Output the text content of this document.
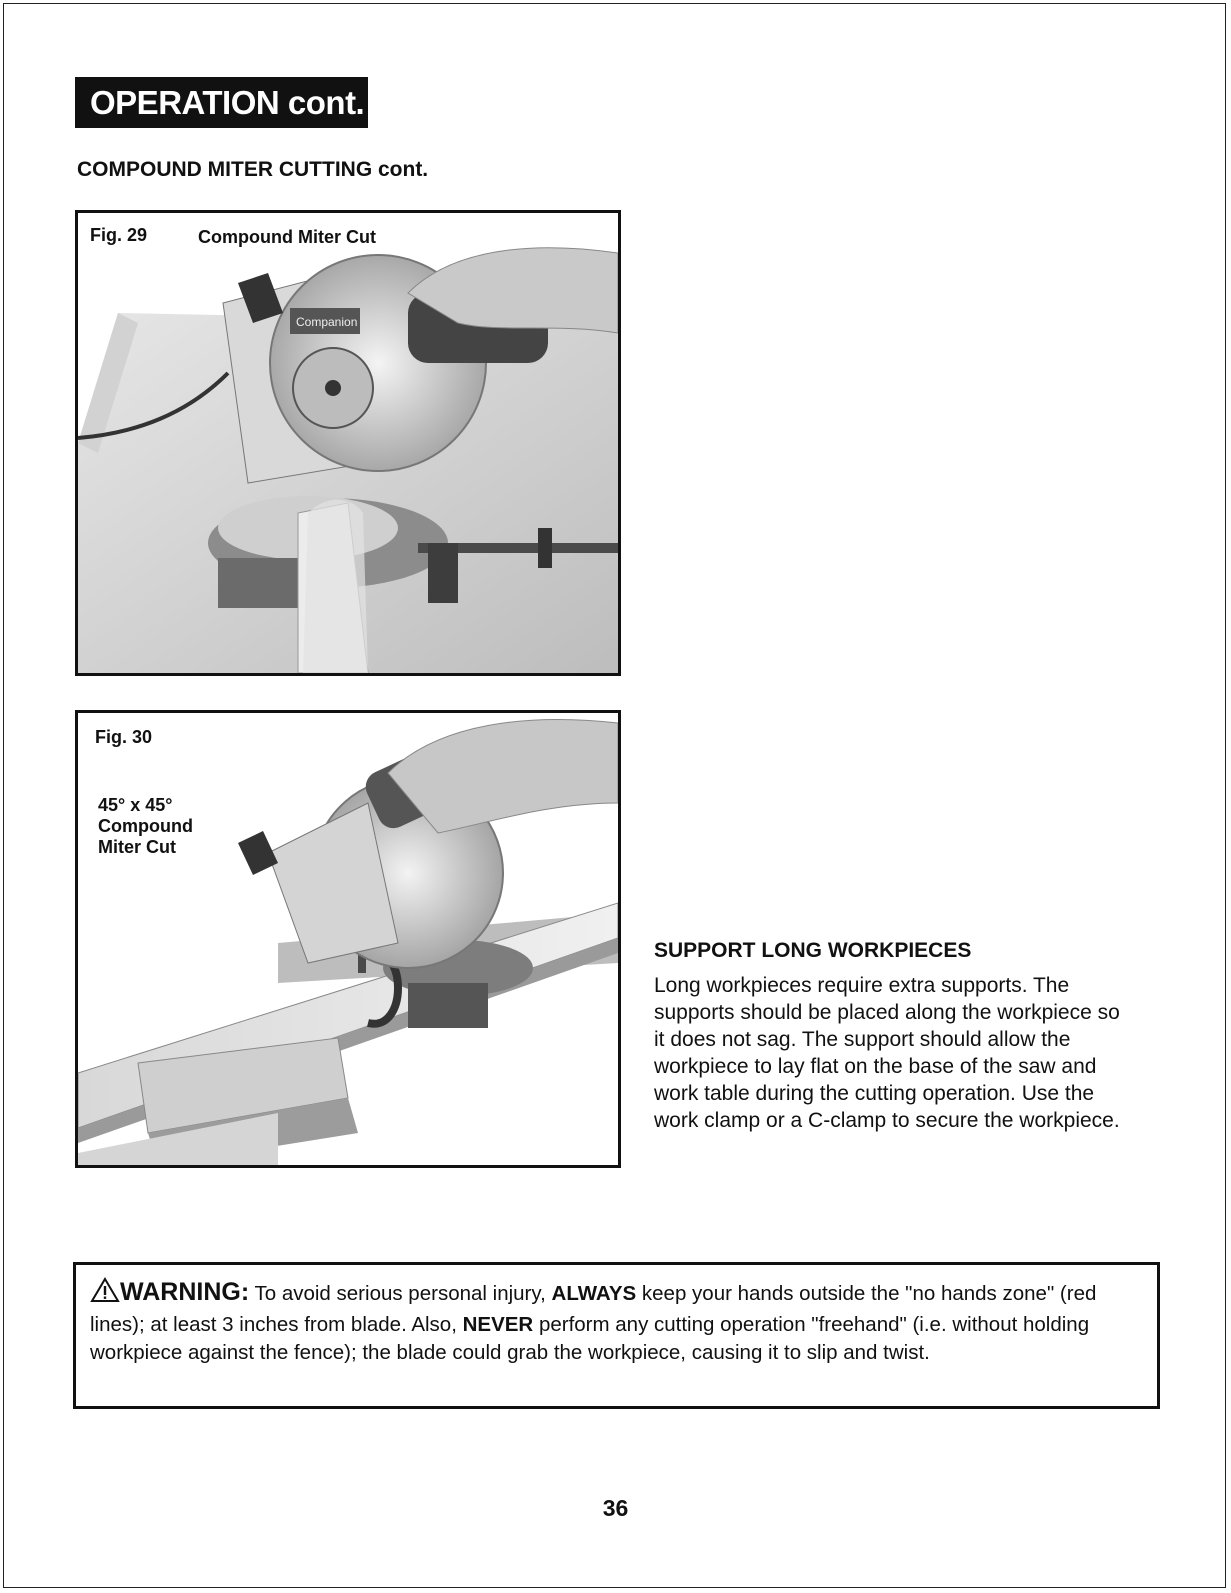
OPERATION cont.
COMPOUND MITER CUTTING cont.
Companion
Fig. 29	Compound Miter Cut
Fig. 30
45° x 45°
Compound
Miter Cut
SUPPORT LONG WORKPIECES

Long workpieces require extra supports. The supports should be placed along the workpiece so it does not sag. The support should allow the workpiece to lay flat on the base of the saw and work table during the cutting operation. Use the work clamp or a C-clamp to secure the workpiece.

WARNING: To avoid serious personal injury, ALWAYS keep your hands outside the "no hands zone" (red lines); at least 3 inches from blade. Also, NEVER perform any cutting operation "freehand" (i.e. without holding workpiece against the fence); the blade could grab the workpiece, causing it to slip and twist.
36
